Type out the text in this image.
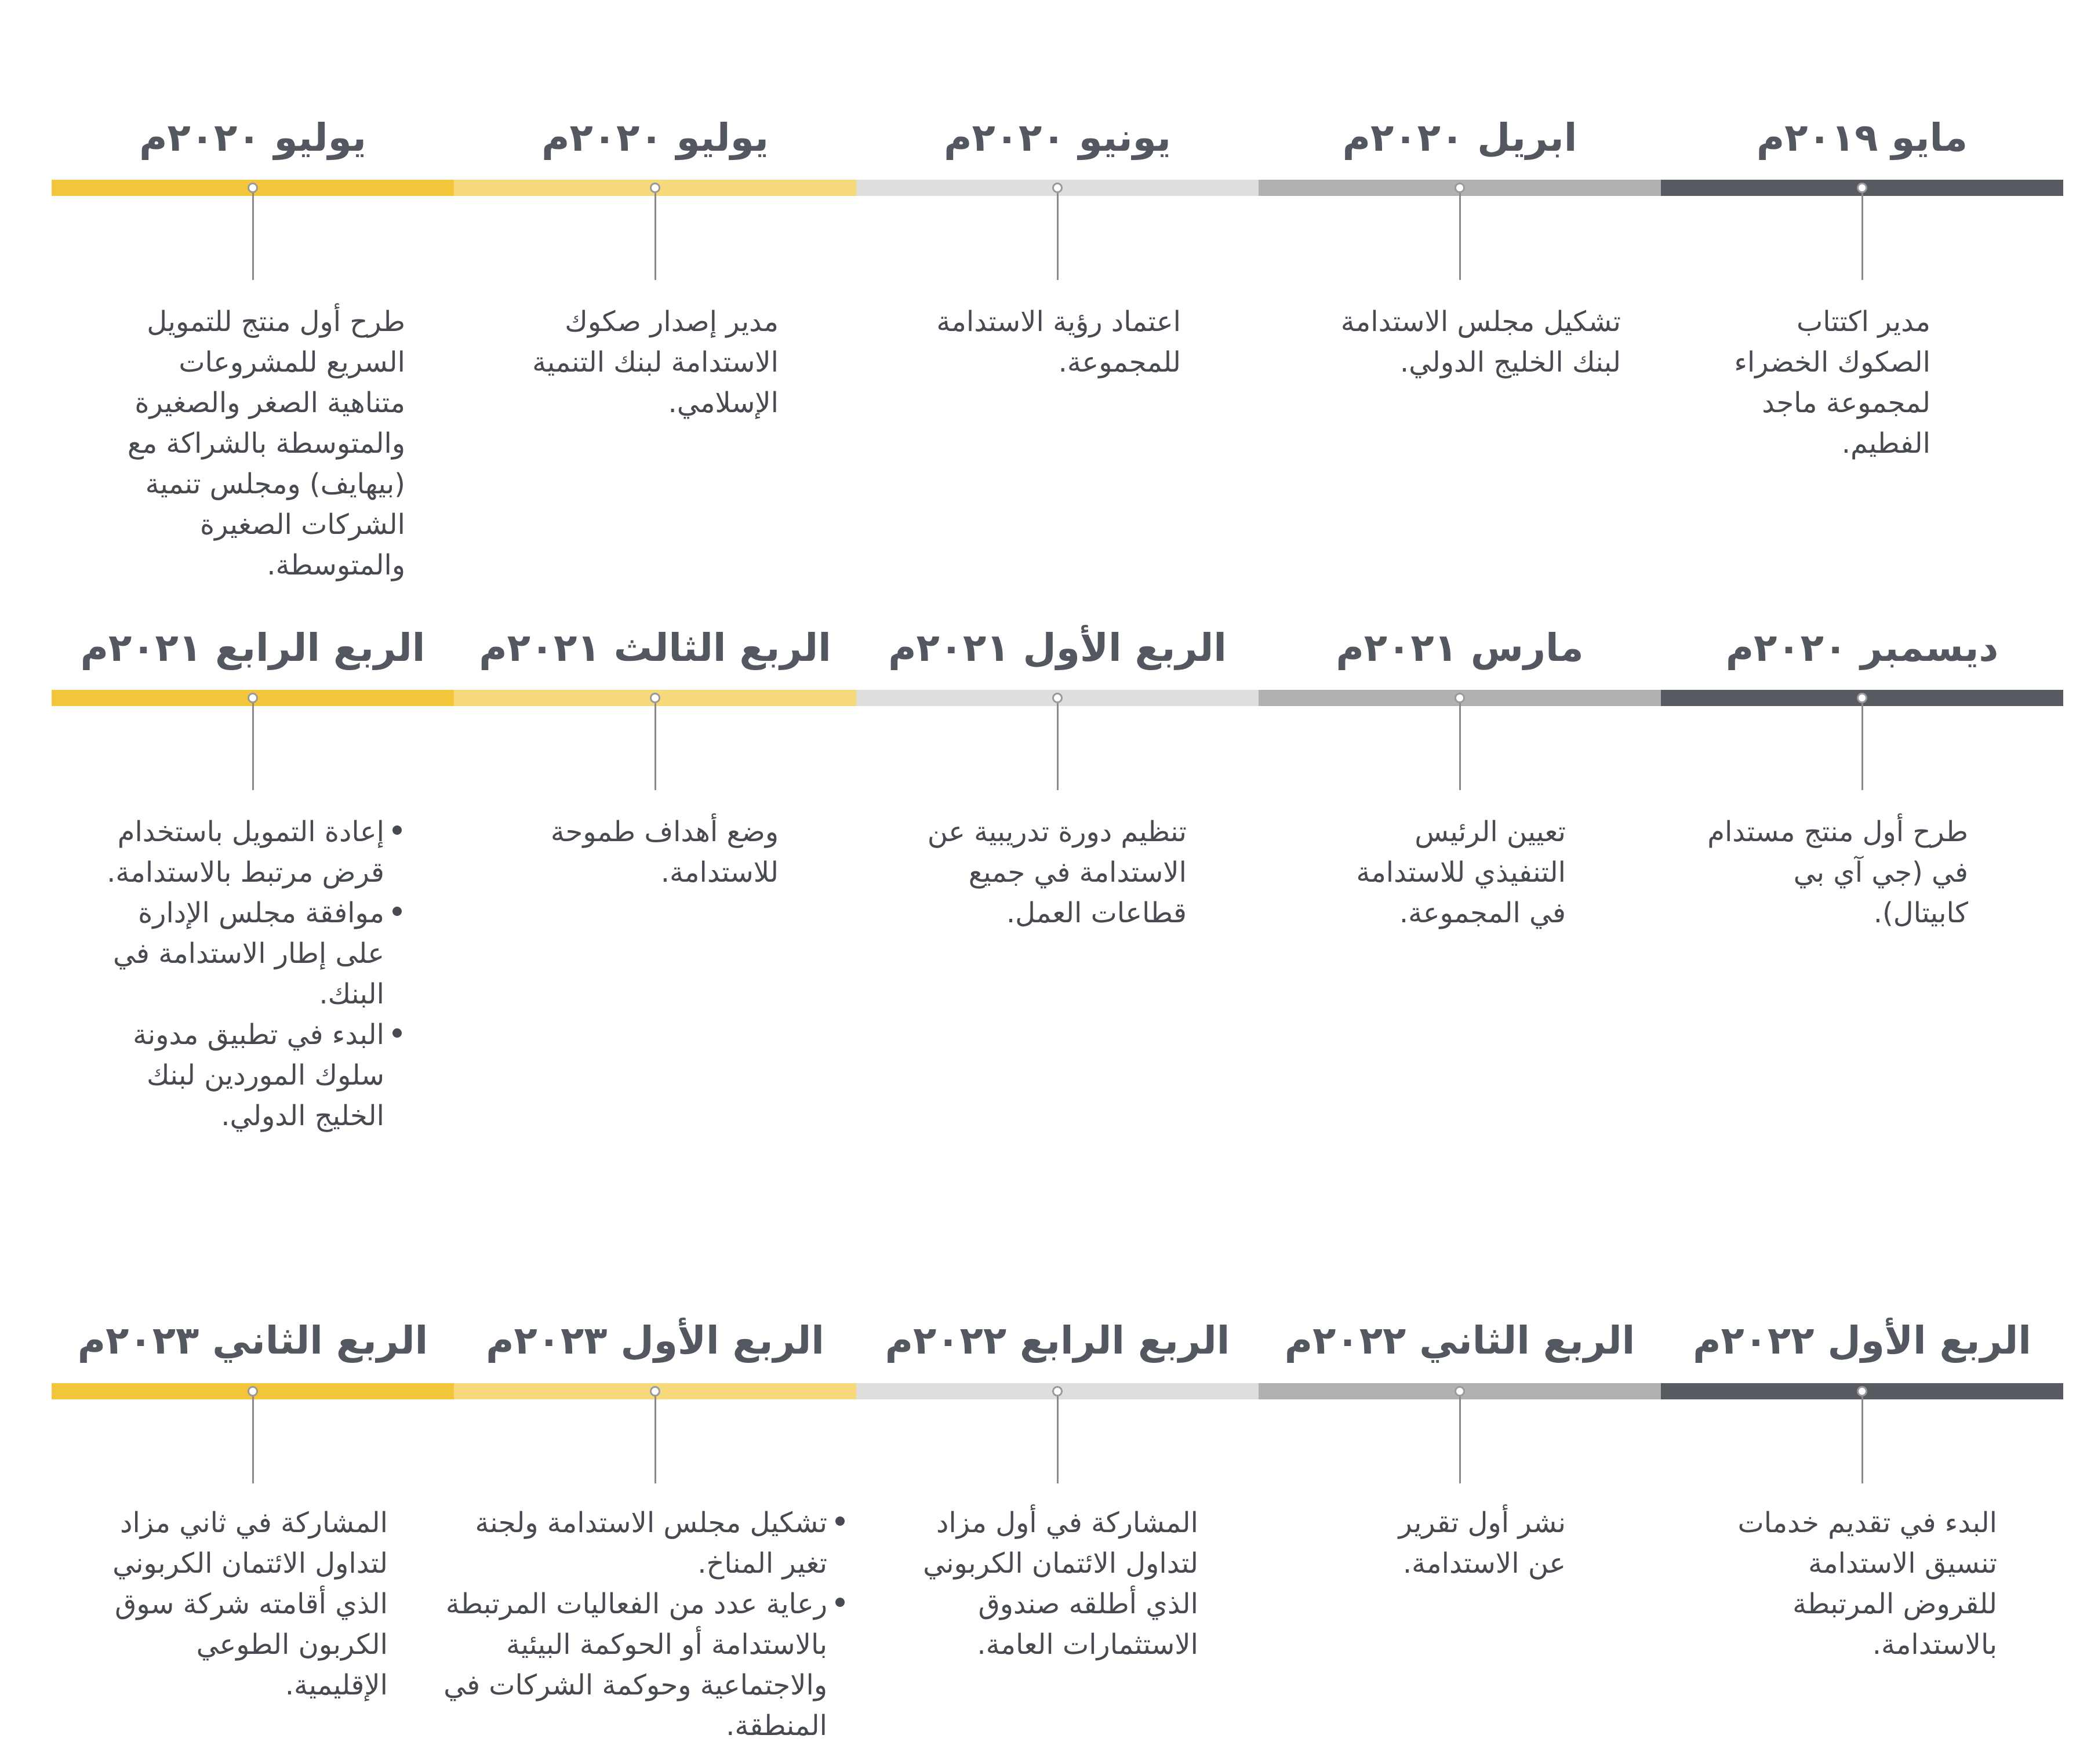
مايو ٢٠١٩م
مدير اكتتاب الصكوك الخضراء لمجموعة ماجد الفطيم.
ابريل ٢٠٢٠م
تشكيل مجلس الاستدامة لبنك الخليج الدولي.
يونيو ٢٠٢٠م
اعتماد رؤية الاستدامة للمجموعة.
يوليو ٢٠٢٠م
مدير إصدار صكوك الاستدامة لبنك التنمية الإسلامي.
يوليو ٢٠٢٠م
طرح أول منتج للتمويل السريع للمشروعات متناهية الصغر والصغيرة والمتوسطة بالشراكة مع (بيهايف) ومجلس تنمية الشركات الصغيرة والمتوسطة.
ديسمبر ٢٠٢٠م
طرح أول منتج مستدام في (جي آي بي كابيتال).
مارس ٢٠٢١م
تعيين الرئيس التنفيذي للاستدامة في المجموعة.
الربع الأول ٢٠٢١م
تنظيم دورة تدريبية عن الاستدامة في جميع قطاعات العمل.
الربع الثالث ٢٠٢١م
وضع أهداف طموحة للاستدامة.
الربع الرابع ٢٠٢١م
إعادة التمويل باستخدام قرض مرتبط بالاستدامة.
موافقة مجلس الإدارة على إطار الاستدامة في البنك.
البدء في تطبيق مدونة سلوك الموردين لبنك الخليج الدولي.
الربع الأول ٢٠٢٢م
البدء في تقديم خدمات تنسيق الاستدامة للقروض المرتبطة بالاستدامة.
الربع الثاني ٢٠٢٢م
نشر أول تقرير عن الاستدامة.
الربع الرابع ٢٠٢٢م
المشاركة في أول مزاد لتداول الائتمان الكربوني الذي أطلقه صندوق الاستثمارات العامة.
الربع الأول ٢٠٢٣م
تشكيل مجلس الاستدامة ولجنة تغير المناخ.
رعاية عدد من الفعاليات المرتبطة بالاستدامة أو الحوكمة البيئية والاجتماعية وحوكمة الشركات في المنطقة.
الربع الثاني ٢٠٢٣م
المشاركة في ثاني مزاد لتداول الائتمان الكربوني الذي أقامته شركة سوق الكربون الطوعي الإقليمية.
